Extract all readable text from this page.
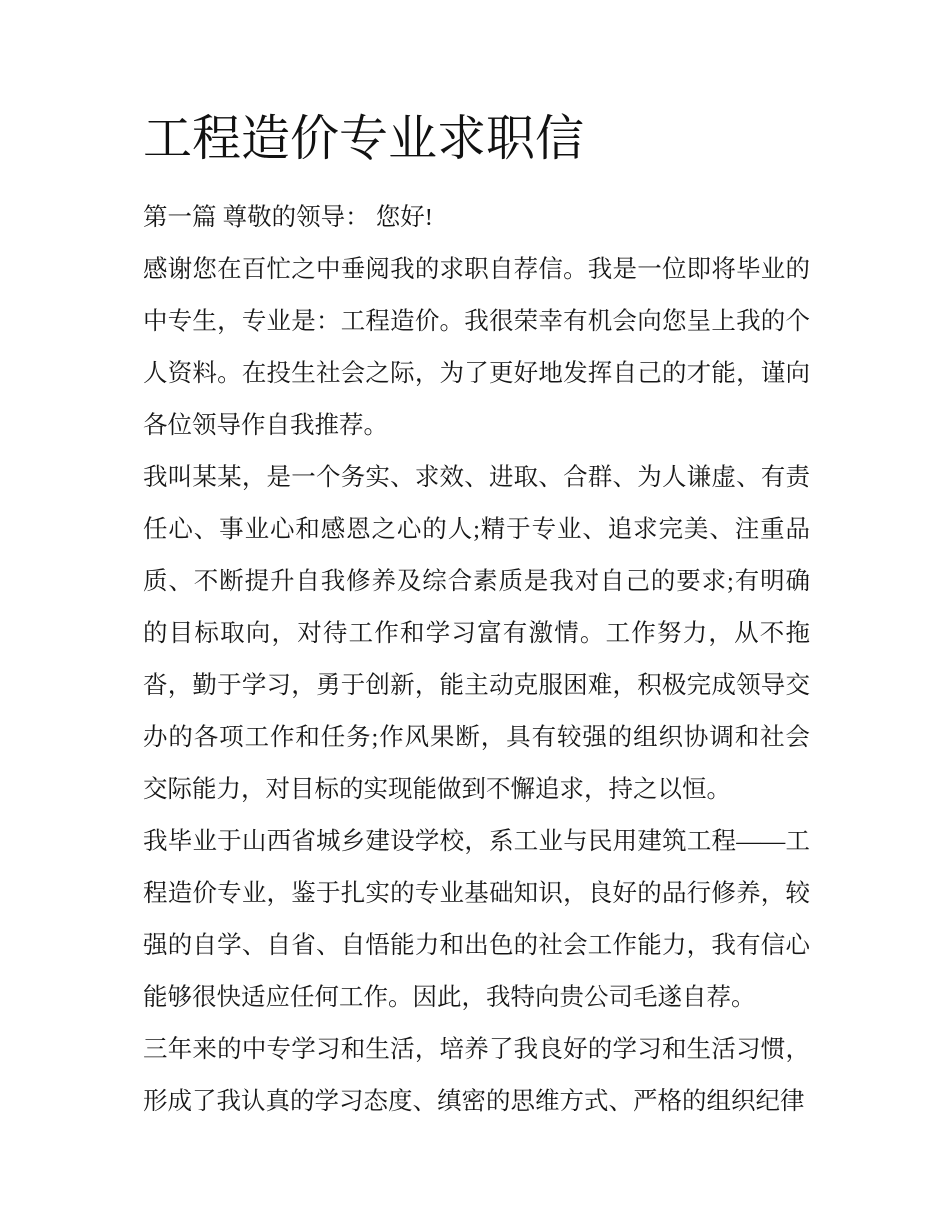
工程造价专业求职信

第一篇 尊敬的领导： 您好!

感谢您在百忙之中垂阅我的求职自荐信。我是一位即将毕业的中专生，专业是：工程造价。我很荣幸有机会向您呈上我的个人资料。在投生社会之际，为了更好地发挥自己的才能，谨向各位领导作自我推荐。

我叫某某，是一个务实、求效、进取、合群、为人谦虚、有责任心、事业心和感恩之心的人;精于专业、追求完美、注重品质、不断提升自我修养及综合素质是我对自己的要求;有明确的目标取向，对待工作和学习富有激情。工作努力，从不拖沓，勤于学习，勇于创新，能主动克服困难，积极完成领导交办的各项工作和任务;作风果断，具有较强的组织协调和社会交际能力，对目标的实现能做到不懈追求，持之以恒。

我毕业于山西省城乡建设学校，系工业与民用建筑工程——工程造价专业，鉴于扎实的专业基础知识，良好的品行修养，较强的自学、自省、自悟能力和出色的社会工作能力，我有信心能够很快适应任何工作。因此，我特向贵公司毛遂自荐。

三年来的中专学习和生活，培养了我良好的学习和生活习惯，形成了我认真的学习态度、缜密的思维方式、严格的组织纪律
